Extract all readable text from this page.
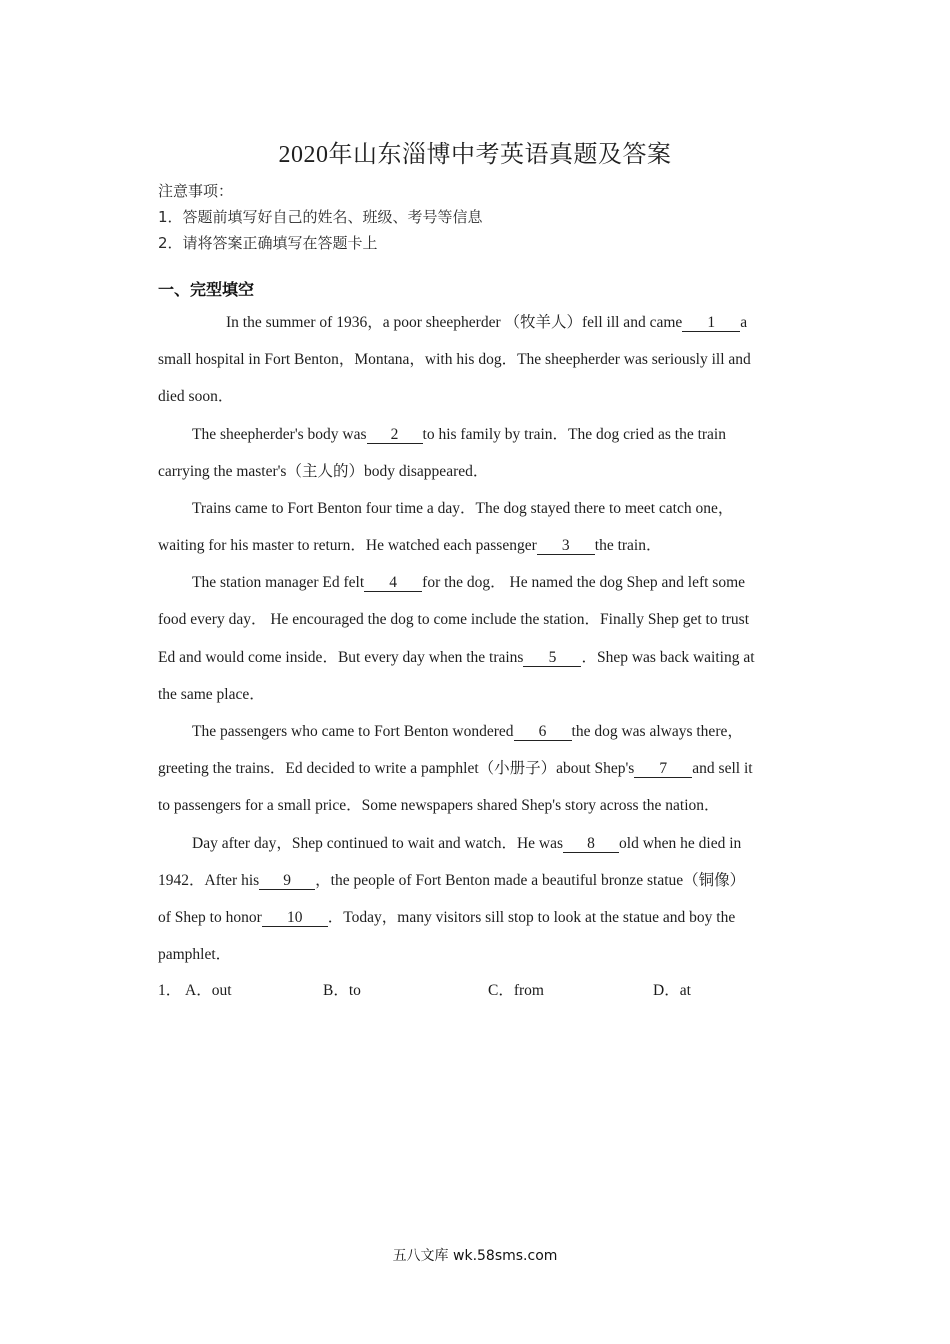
2020年山东淄博中考英语真题及答案
注意事项：
1．答题前填写好自己的姓名、班级、考号等信息
2．请将答案正确填写在答题卡上
一、完型填空
In the summer of 1936，a poor sheepherder （牧羊人）fell ill and came 1 a
small hospital in Fort Benton，Montana，with his dog．The sheepherder was seriously ill and
died soon．
The sheepherder's body was 2 to his family by train．The dog cried as the train
carrying the master's（主人的）body disappeared．
Trains came to Fort Benton four time a day．The dog stayed there to meet catch one，
waiting for his master to return．He watched each passenger 3 the train．
The station manager Ed felt 4 for the dog． He named the dog Shep and left some
food every day． He encouraged the dog to come include the station．Finally Shep get to trust
Ed and would come inside．But every day when the trains 5 ．Shep was back waiting at
the same place．
The passengers who came to Fort Benton wondered 6 the dog was always there，
greeting the trains．Ed decided to write a pamphlet（小册子）about Shep's 7 and sell it
to passengers for a small price．Some newspapers shared Shep's story across the nation．
Day after day，Shep continued to wait and watch．He was 8 old when he died in
1942．After his 9 ，the people of Fort Benton made a beautiful bronze statue（铜像）
of Shep to honor 10 ．Today，many visitors sill stop to look at the statue and boy the
pamphlet．
1． A．out	B．to	C．from	D．at
五八文库 wk.58sms.com
